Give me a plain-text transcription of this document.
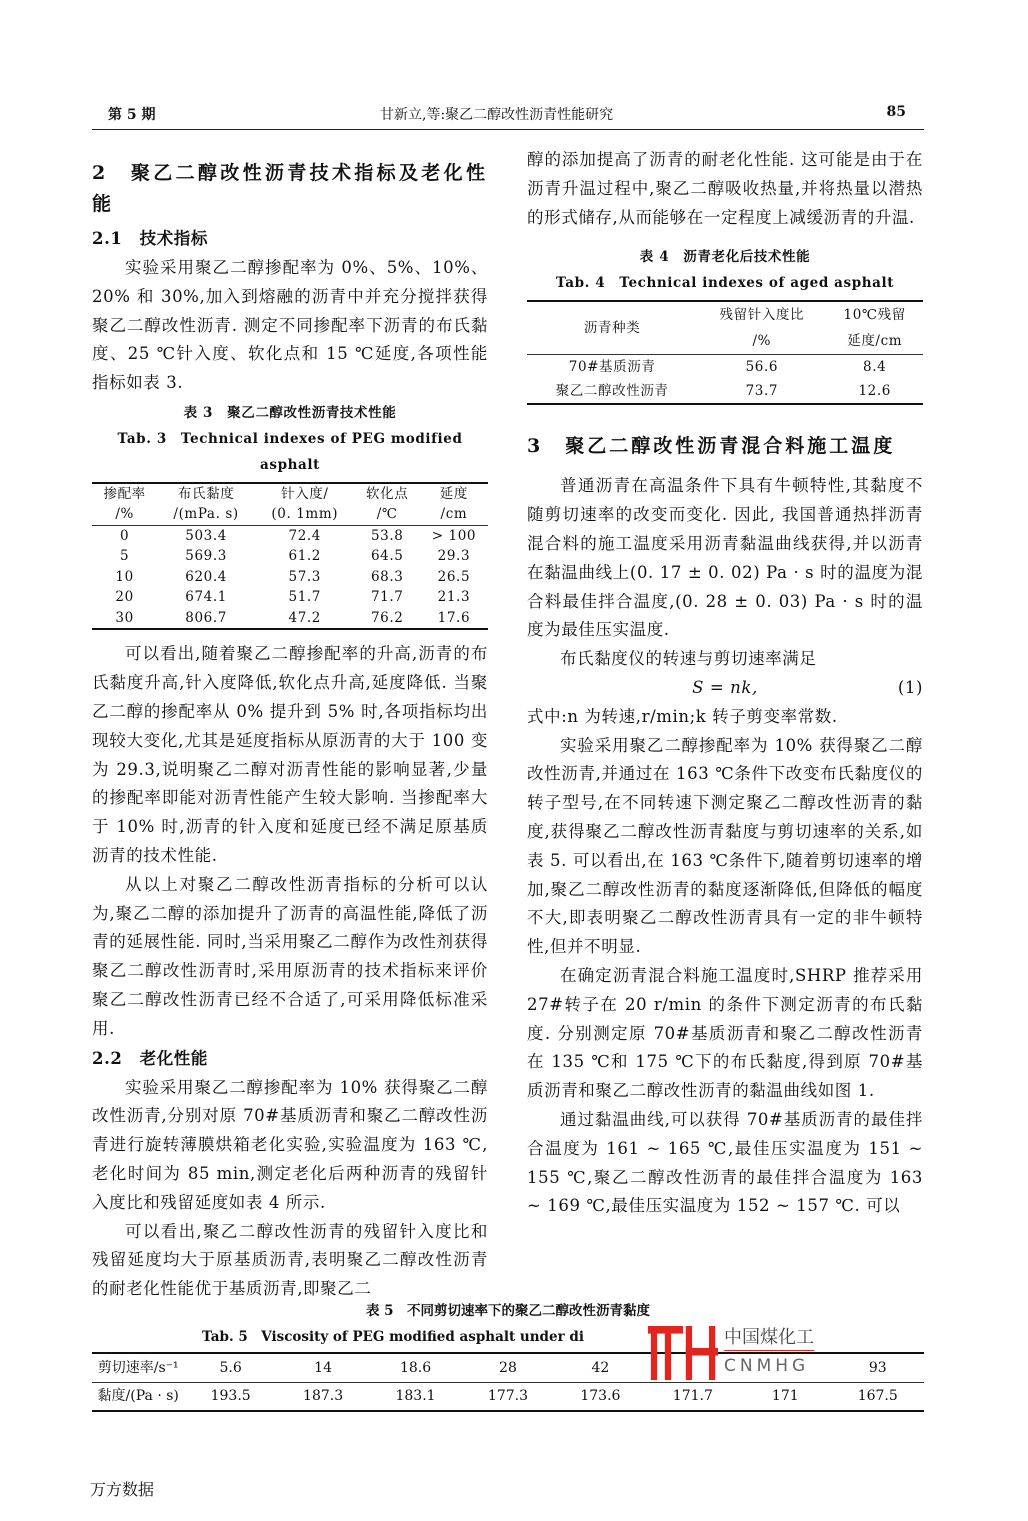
第 5 期	甘新立,等:聚乙二醇改性沥青性能研究	85
2　聚乙二醇改性沥青技术指标及老化性能
2.1　技术指标

实验采用聚乙二醇掺配率为 0%、5%、10%、20% 和 30%,加入到熔融的沥青中并充分搅拌获得聚乙二醇改性沥青. 测定不同掺配率下沥青的布氏黏度、25 ℃针入度、软化点和 15 ℃延度,各项性能指标如表 3.

表 3　聚乙二醇改性沥青技术性能
Tab. 3　Technical indexes of PEG modified asphalt
掺配率	布氏黏度	针入度/	软化点	延度
/%	/(mPa. s)	(0. 1mm)	/℃	/cm
0	503.4	72.4	53.8	> 100
5	569.3	61.2	64.5	29.3
10	620.4	57.3	68.3	26.5
20	674.1	51.7	71.7	21.3
30	806.7	47.2	76.2	17.6

可以看出,随着聚乙二醇掺配率的升高,沥青的布氏黏度升高,针入度降低,软化点升高,延度降低. 当聚乙二醇的掺配率从 0% 提升到 5% 时,各项指标均出现较大变化,尤其是延度指标从原沥青的大于 100 变为 29.3,说明聚乙二醇对沥青性能的影响显著,少量的掺配率即能对沥青性能产生较大影响. 当掺配率大于 10% 时,沥青的针入度和延度已经不满足原基质沥青的技术性能.

从以上对聚乙二醇改性沥青指标的分析可以认为,聚乙二醇的添加提升了沥青的高温性能,降低了沥青的延展性能. 同时,当采用聚乙二醇作为改性剂获得聚乙二醇改性沥青时,采用原沥青的技术指标来评价聚乙二醇改性沥青已经不合适了,可采用降低标准采用.

2.2　老化性能

实验采用聚乙二醇掺配率为 10% 获得聚乙二醇改性沥青,分别对原 70#基质沥青和聚乙二醇改性沥青进行旋转薄膜烘箱老化实验,实验温度为 163 ℃,老化时间为 85 min,测定老化后两种沥青的残留针入度比和残留延度如表 4 所示.

可以看出,聚乙二醇改性沥青的残留针入度比和残留延度均大于原基质沥青,表明聚乙二醇改性沥青的耐老化性能优于基质沥青,即聚乙二

醇的添加提高了沥青的耐老化性能. 这可能是由于在沥青升温过程中,聚乙二醇吸收热量,并将热量以潜热的形式储存,从而能够在一定程度上减缓沥青的升温.

表 4　沥青老化后技术性能
Tab. 4　Technical indexes of aged asphalt
沥青种类	残留针入度比	10℃残留
	/%	延度/cm
70#基质沥青	56.6	8.4
聚乙二醇改性沥青	73.7	12.6
3　聚乙二醇改性沥青混合料施工温度

普通沥青在高温条件下具有牛顿特性,其黏度不随剪切速率的改变而变化. 因此, 我国普通热拌沥青混合料的施工温度采用沥青黏温曲线获得,并以沥青在黏温曲线上(0. 17 ± 0. 02) Pa · s 时的温度为混合料最佳拌合温度,(0. 28 ± 0. 03) Pa · s 时的温度为最佳压实温度.

布氏黏度仪的转速与剪切速率满足

S = nk,	(1)

式中:n 为转速,r/min;k 转子剪变率常数.

实验采用聚乙二醇掺配率为 10% 获得聚乙二醇改性沥青,并通过在 163 ℃条件下改变布氏黏度仪的转子型号,在不同转速下测定聚乙二醇改性沥青的黏度,获得聚乙二醇改性沥青黏度与剪切速率的关系,如表 5. 可以看出,在 163 ℃条件下,随着剪切速率的增加,聚乙二醇改性沥青的黏度逐渐降低,但降低的幅度不大,即表明聚乙二醇改性沥青具有一定的非牛顿特性,但并不明显.

在确定沥青混合料施工温度时,SHRP 推荐采用 27#转子在 20 r/min 的条件下测定沥青的布氏黏度. 分别测定原 70#基质沥青和聚乙二醇改性沥青在 135 ℃和 175 ℃下的布氏黏度,得到原 70#基质沥青和聚乙二醇改性沥青的黏温曲线如图 1.

通过黏温曲线,可以获得 70#基质沥青的最佳拌合温度为 161 ~ 165 ℃,最佳压实温度为 151 ~ 155 ℃,聚乙二醇改性沥青的最佳拌合温度为 163 ~ 169 ℃,最佳压实温度为 152 ~ 157 ℃. 可以

表 5　不同剪切速率下的聚乙二醇改性沥青黏度
Tab. 5　Viscosity of PEG modified asphalt under di
剪切速率/s⁻¹	5.6	14	18.6	28	42			93
黏度/(Pa · s)	193.5	187.3	183.1	177.3	173.6	171.7	171	167.5
中国煤化工
CNMHG
万方数据
